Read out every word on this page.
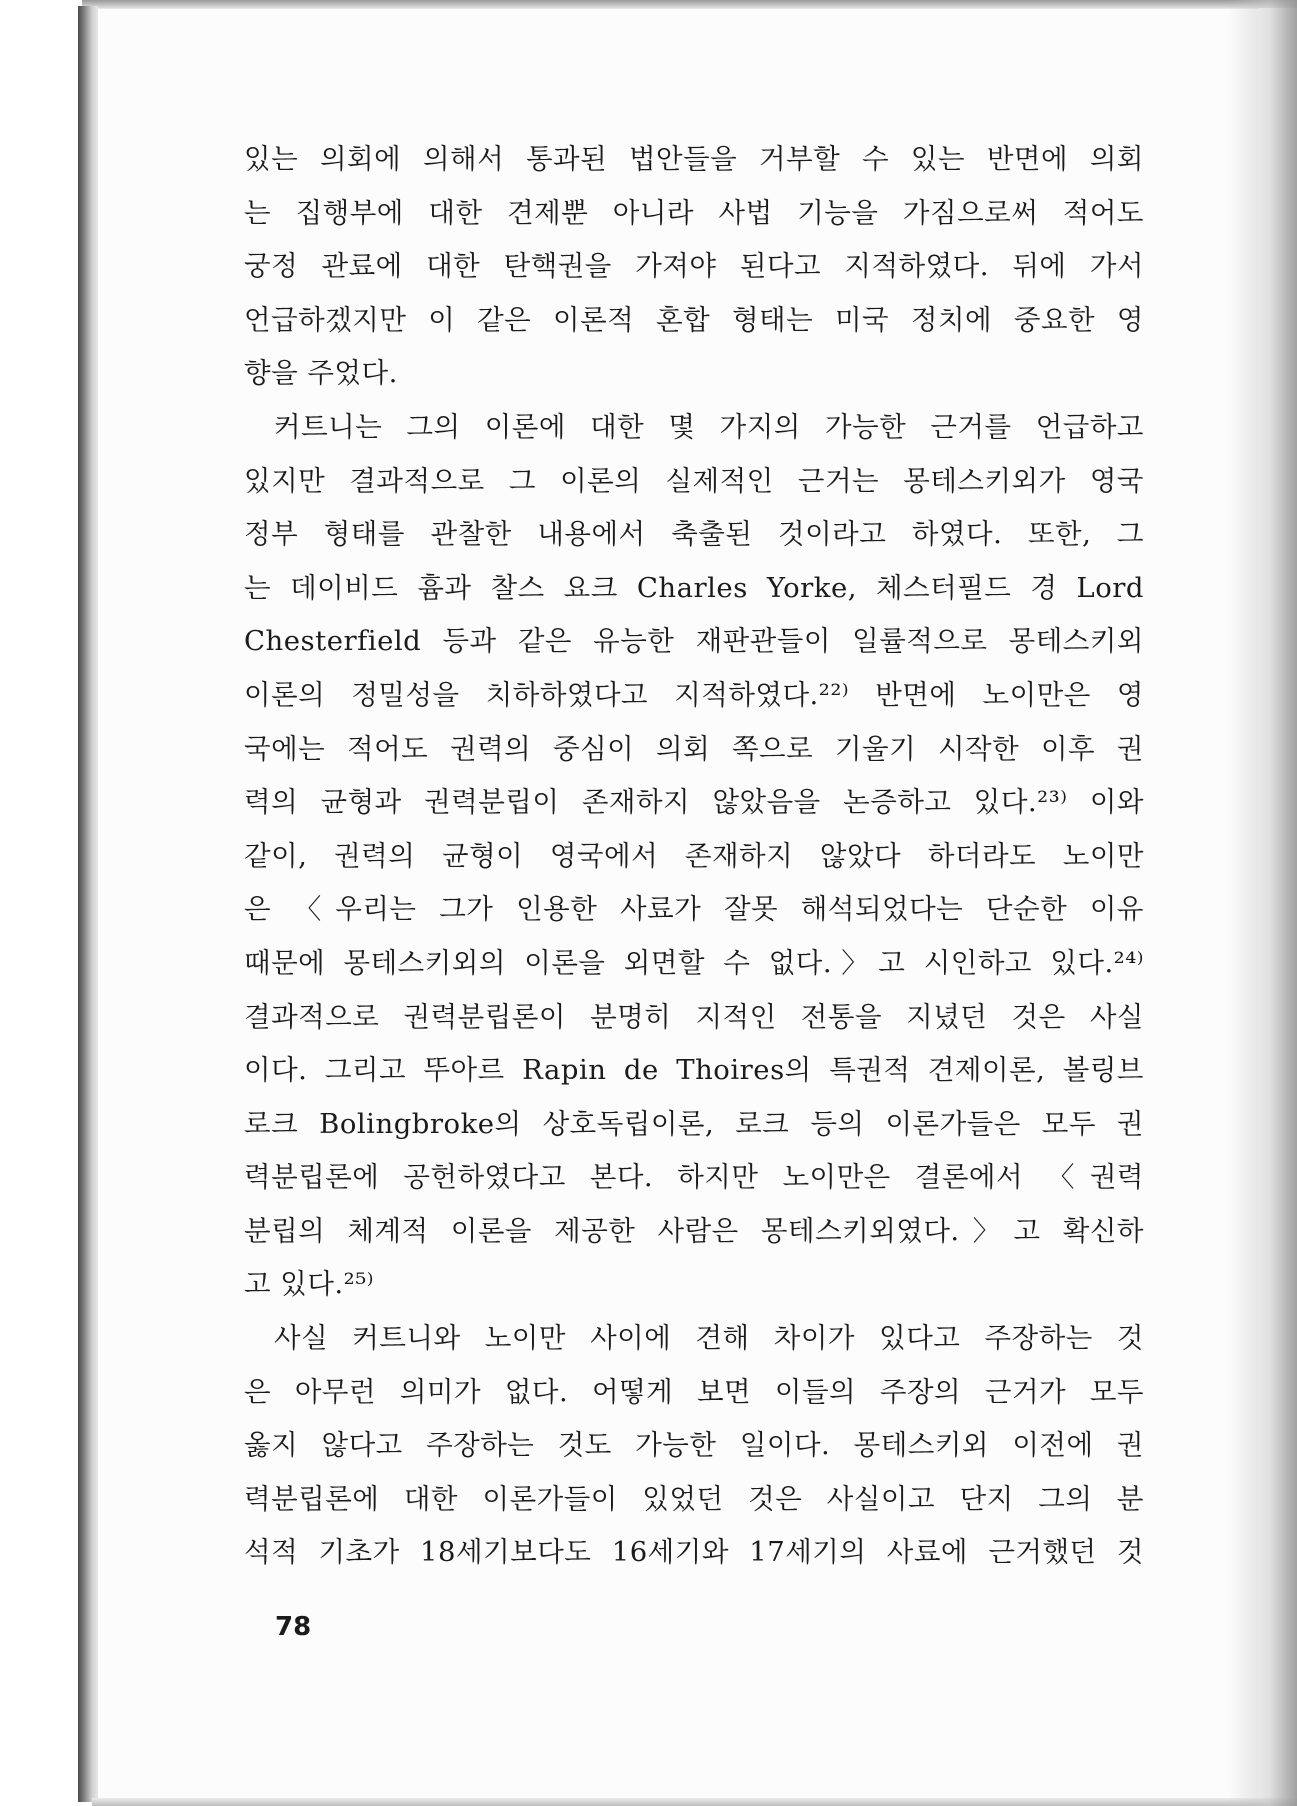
있는 의회에 의해서 통과된 법안들을 거부할 수 있는 반면에 의회
는 집행부에 대한 견제뿐 아니라 사법 기능을 가짐으로써 적어도
궁정 관료에 대한 탄핵권을 가져야 된다고 지적하였다. 뒤에 가서
언급하겠지만 이 같은 이론적 혼합 형태는 미국 정치에 중요한 영
향을 주었다.
커트니는 그의 이론에 대한 몇 가지의 가능한 근거를 언급하고
있지만 결과적으로 그 이론의 실제적인 근거는 몽테스키외가 영국
정부 형태를 관찰한 내용에서 축출된 것이라고 하였다. 또한, 그
는 데이비드 흄과 찰스 요크 Charles Yorke, 체스터필드 경 Lord
Chesterfield 등과 같은 유능한 재판관들이 일률적으로 몽테스키외
이론의 정밀성을 치하하였다고 지적하였다.²²⁾ 반면에 노이만은 영
국에는 적어도 권력의 중심이 의회 쪽으로 기울기 시작한 이후 권
력의 균형과 권력분립이 존재하지 않았음을 논증하고 있다.²³⁾ 이와
같이, 권력의 균형이 영국에서 존재하지 않았다 하더라도 노이만
은 〈우리는 그가 인용한 사료가 잘못 해석되었다는 단순한 이유
때문에 몽테스키외의 이론을 외면할 수 없다.〉고 시인하고 있다.²⁴⁾
결과적으로 권력분립론이 분명히 지적인 전통을 지녔던 것은 사실
이다. 그리고 뚜아르 Rapin de Thoires의 특권적 견제이론, 볼링브
로크 Bolingbroke의 상호독립이론, 로크 등의 이론가들은 모두 권
력분립론에 공헌하였다고 본다. 하지만 노이만은 결론에서 〈권력
분립의 체계적 이론을 제공한 사람은 몽테스키외였다.〉고 확신하
고 있다.²⁵⁾
사실 커트니와 노이만 사이에 견해 차이가 있다고 주장하는 것
은 아무런 의미가 없다. 어떻게 보면 이들의 주장의 근거가 모두
옳지 않다고 주장하는 것도 가능한 일이다. 몽테스키외 이전에 권
력분립론에 대한 이론가들이 있었던 것은 사실이고 단지 그의 분
석적 기초가 18세기보다도 16세기와 17세기의 사료에 근거했던 것
78
